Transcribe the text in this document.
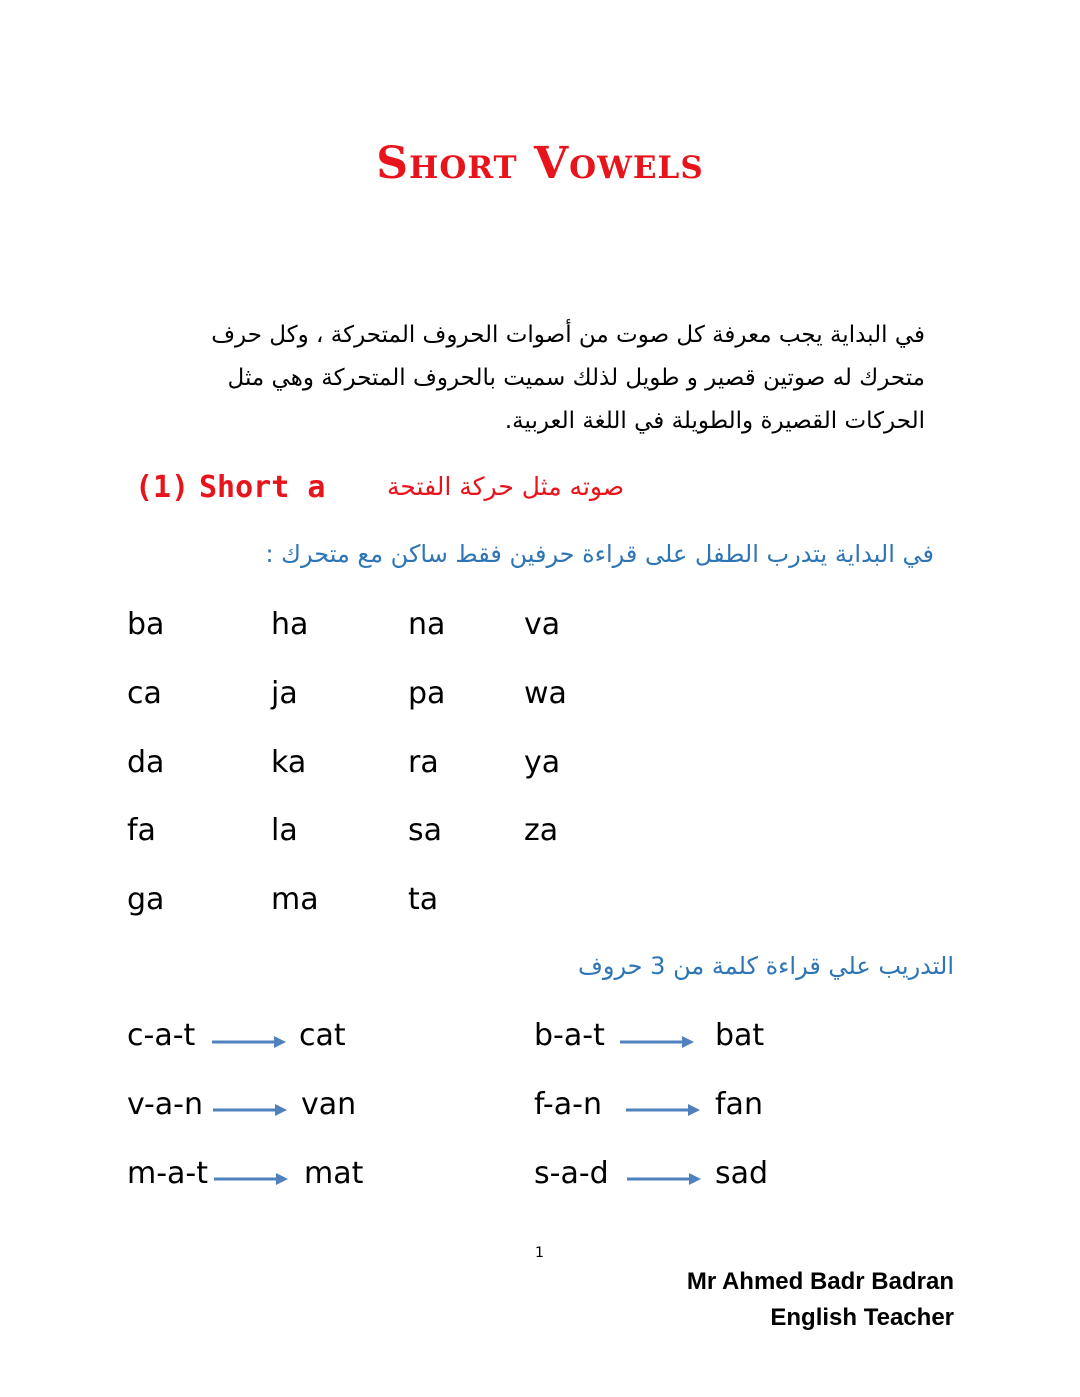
Short Vowels
في البداية يجب معرفة كل صوت من أصوات الحروف المتحركة ، وكل حرف متحرك له صوتين قصير و طويل لذلك سميت بالحروف المتحركة وهي مثل الحركات القصيرة والطويلة في اللغة العربية.
(1) Short a صوته مثل حركة الفتحة
في البداية يتدرب الطفل على قراءة حرفين فقط ساكن مع متحرك :
ba	ha	na	va
ca	ja	pa	wa
da	ka	ra	ya
fa	la	sa	za
ga	ma	ta
التدريب علي قراءة كلمة من 3 حروف
c-a-t	cat	b-a-t	bat
v-a-n	van	f-a-n	fan
m-a-t	mat	s-a-d	sad
1
Mr Ahmed Badr Badran
English Teacher
